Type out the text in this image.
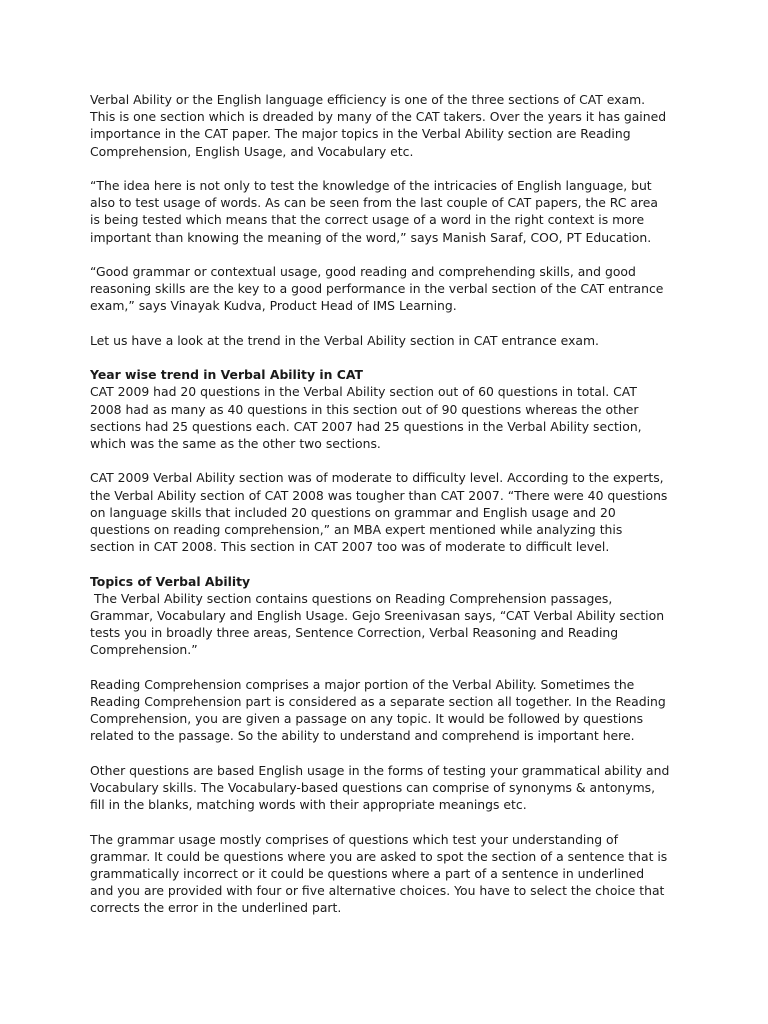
Verbal Ability or the English language efficiency is one of the three sections of CAT exam.
This is one section which is dreaded by many of the CAT takers. Over the years it has gained
importance in the CAT paper. The major topics in the Verbal Ability section are Reading
Comprehension, English Usage, and Vocabulary etc.
“The idea here is not only to test the knowledge of the intricacies of English language, but
also to test usage of words. As can be seen from the last couple of CAT papers, the RC area
is being tested which means that the correct usage of a word in the right context is more
important than knowing the meaning of the word,” says Manish Saraf, COO, PT Education.
“Good grammar or contextual usage, good reading and comprehending skills, and good
reasoning skills are the key to a good performance in the verbal section of the CAT entrance
exam,” says Vinayak Kudva, Product Head of IMS Learning.
Let us have a look at the trend in the Verbal Ability section in CAT entrance exam.
Year wise trend in Verbal Ability in CAT
CAT 2009 had 20 questions in the Verbal Ability section out of 60 questions in total. CAT
2008 had as many as 40 questions in this section out of 90 questions whereas the other
sections had 25 questions each. CAT 2007 had 25 questions in the Verbal Ability section,
which was the same as the other two sections.
CAT 2009 Verbal Ability section was of moderate to difficulty level. According to the experts,
the Verbal Ability section of CAT 2008 was tougher than CAT 2007. “There were 40 questions
on language skills that included 20 questions on grammar and English usage and 20
questions on reading comprehension,” an MBA expert mentioned while analyzing this
section in CAT 2008. This section in CAT 2007 too was of moderate to difficult level.
Topics of Verbal Ability
The Verbal Ability section contains questions on Reading Comprehension passages,
Grammar, Vocabulary and English Usage. Gejo Sreenivasan says, “CAT Verbal Ability section
tests you in broadly three areas, Sentence Correction, Verbal Reasoning and Reading
Comprehension.”
Reading Comprehension comprises a major portion of the Verbal Ability. Sometimes the
Reading Comprehension part is considered as a separate section all together. In the Reading
Comprehension, you are given a passage on any topic. It would be followed by questions
related to the passage. So the ability to understand and comprehend is important here.
Other questions are based English usage in the forms of testing your grammatical ability and
Vocabulary skills. The Vocabulary-based questions can comprise of synonyms & antonyms,
fill in the blanks, matching words with their appropriate meanings etc.
The grammar usage mostly comprises of questions which test your understanding of
grammar. It could be questions where you are asked to spot the section of a sentence that is
grammatically incorrect or it could be questions where a part of a sentence in underlined
and you are provided with four or five alternative choices. You have to select the choice that
corrects the error in the underlined part.
